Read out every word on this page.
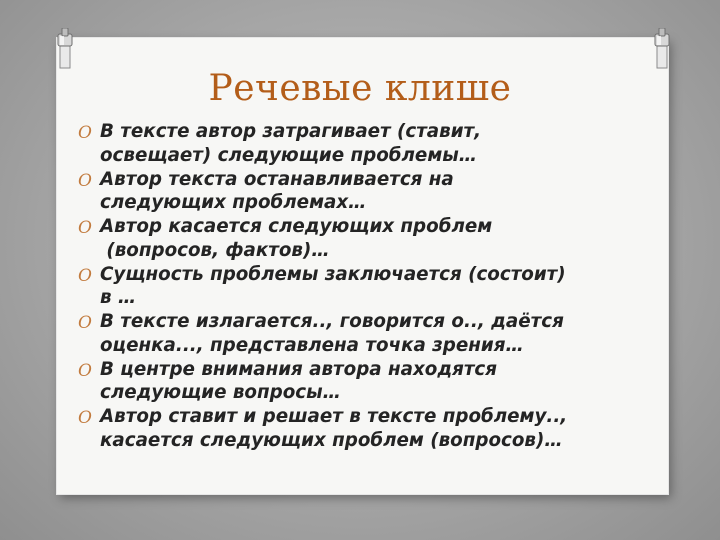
Речевые клише
O В тексте автор затрагивает (ставит,
освещает) следующие проблемы…
O Автор текста останавливается на
следующих проблемах…
O Автор касается следующих проблем
(вопросов, фактов)…
O Сущность проблемы заключается (состоит)
в …
O В тексте излагается.., говорится о.., даётся
оценка..., представлена точка зрения…
O В центре внимания автора находятся
следующие вопросы…
O Автор ставит и решает в тексте проблему..,
касается следующих проблем (вопросов)…
